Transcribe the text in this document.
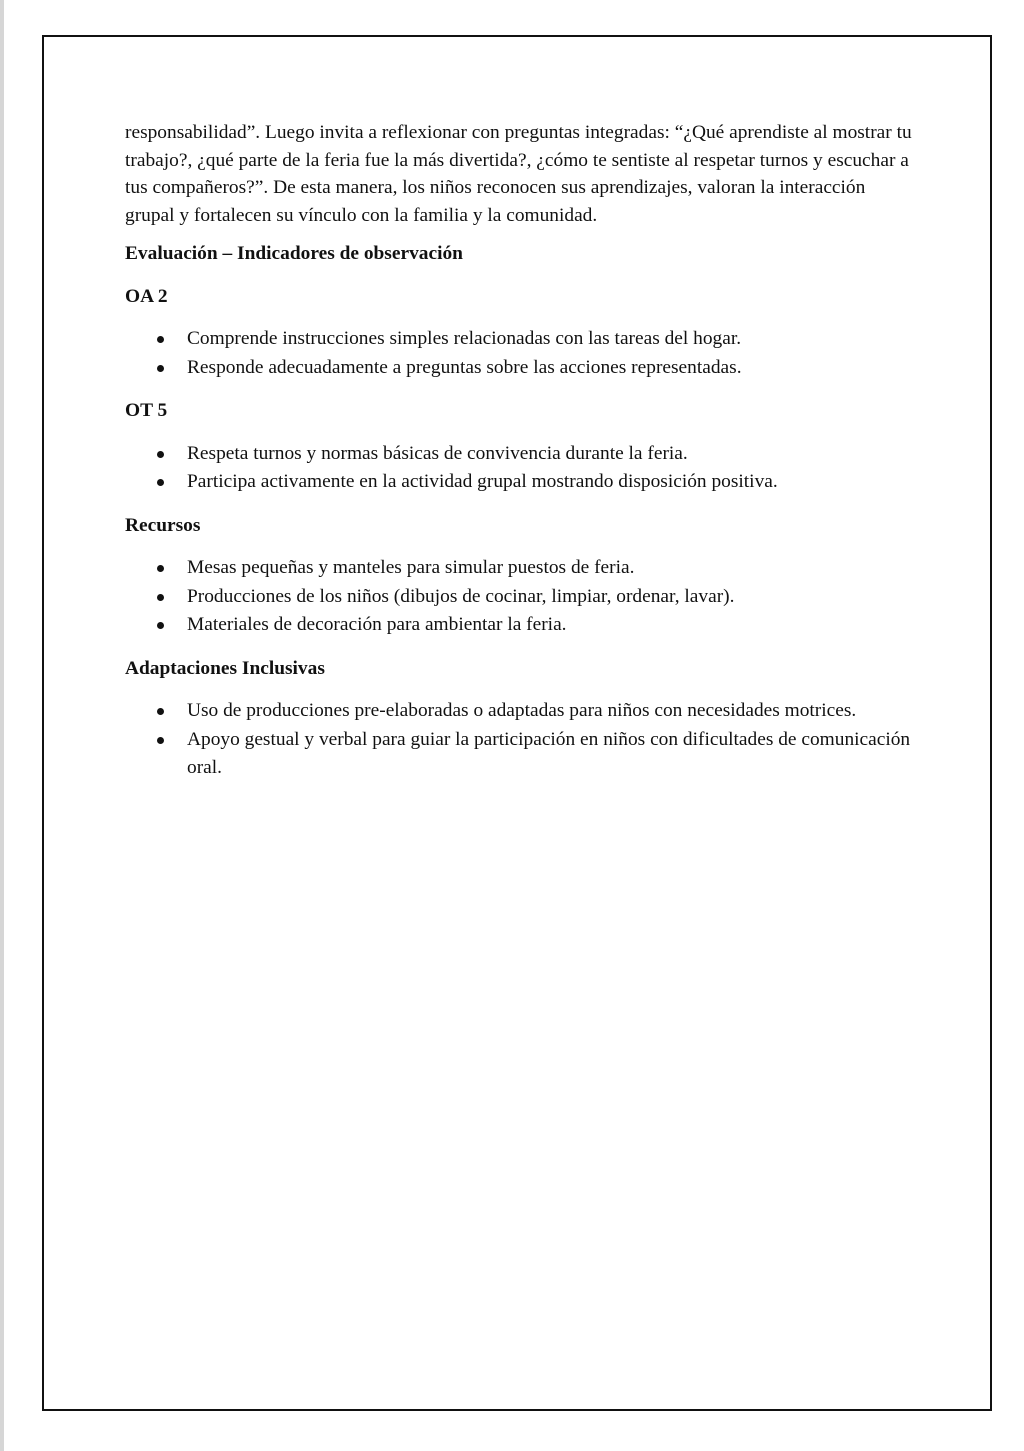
responsabilidad”. Luego invita a reflexionar con preguntas integradas: “¿Qué aprendiste al mostrar tu trabajo?, ¿qué parte de la feria fue la más divertida?, ¿cómo te sentiste al respetar turnos y escuchar a tus compañeros?”. De esta manera, los niños reconocen sus aprendizajes, valoran la interacción grupal y fortalecen su vínculo con la familia y la comunidad.

Evaluación – Indicadores de observación

OA 2

Comprende instrucciones simples relacionadas con las tareas del hogar.
Responde adecuadamente a preguntas sobre las acciones representadas.

OT 5

Respeta turnos y normas básicas de convivencia durante la feria.
Participa activamente en la actividad grupal mostrando disposición positiva.

Recursos

Mesas pequeñas y manteles para simular puestos de feria.
Producciones de los niños (dibujos de cocinar, limpiar, ordenar, lavar).
Materiales de decoración para ambientar la feria.

Adaptaciones Inclusivas

Uso de producciones pre-elaboradas o adaptadas para niños con necesidades motrices.
Apoyo gestual y verbal para guiar la participación en niños con dificultades de comunicación oral.
